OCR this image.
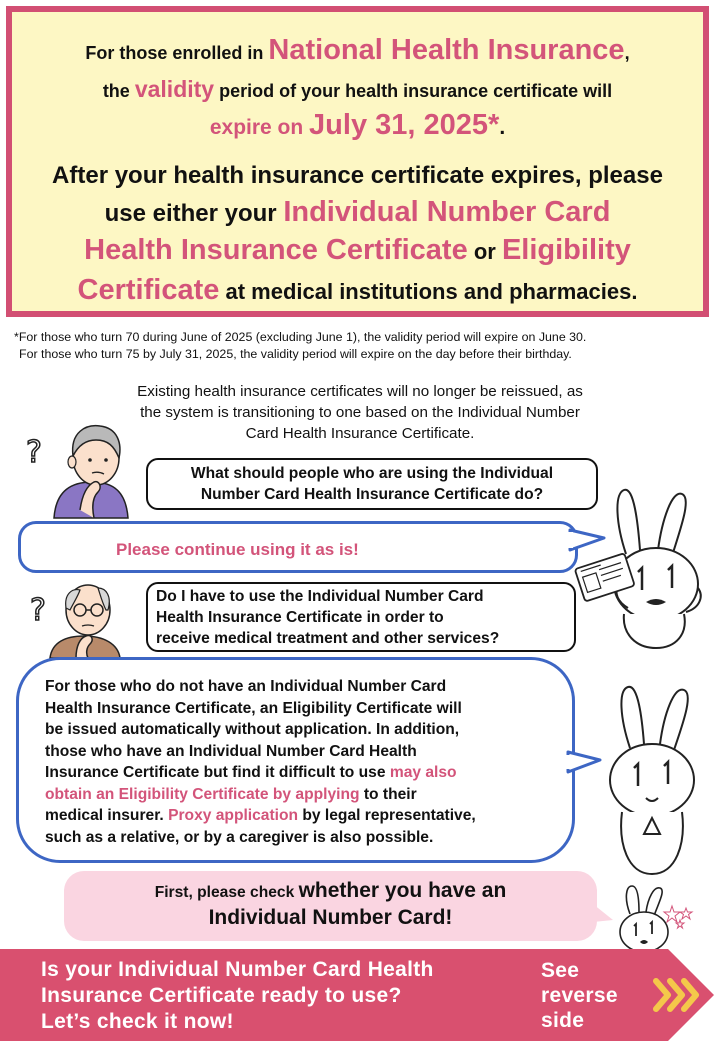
For those enrolled in National Health Insurance,
the validity period of your health insurance certificate will
expire on July 31, 2025*.
After your health insurance certificate expires, please
use either your Individual Number Card
Health Insurance Certificate or Eligibility
Certificate at medical institutions and pharmacies.
*For those who turn 70 during June of 2025 (excluding June 1), the validity period will expire on June 30.
For those who turn 75 by July 31, 2025, the validity period will expire on the day before their birthday.
Existing health insurance certificates will no longer be reissued, as
the system is transitioning to one based on the Individual Number
Card Health Insurance Certificate.
?
What should people who are using the Individual
Number Card Health Insurance Certificate do?
Please continue using it as is!
?	Do I have to use the Individual Number Card
Health Insurance Certificate in order to
receive medical treatment and other services?
For those who do not have an Individual Number Card
Health Insurance Certificate, an Eligibility Certificate will
be issued automatically without application. In addition,
those who have an Individual Number Card Health
Insurance Certificate but find it difficult to use may also
obtain an Eligibility Certificate by applying to their
medical insurer. Proxy application by legal representative,
such as a relative, or by a caregiver is also possible.
First, please check whether you have an
Individual Number Card!
Is your Individual Number Card Health
Insurance Certificate ready to use?
Let’s check it now!
See
reverse
side
